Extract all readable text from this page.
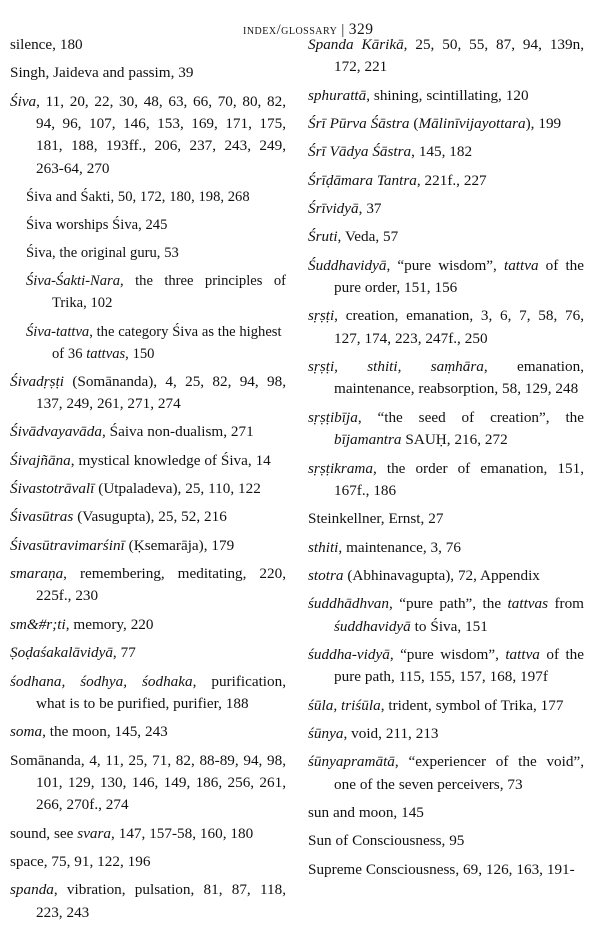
index/glossary | 329

silence, 180

Singh, Jaideva and passim, 39

Śiva, 11, 20, 22, 30, 48, 63, 66, 70, 80, 82, 94, 96, 107, 146, 153, 169, 171, 175, 181, 188, 193ff., 206, 237, 243, 249, 263-64, 270

Śiva and Śakti, 50, 172, 180, 198, 268

Śiva worships Śiva, 245

Śiva, the original guru, 53

Śiva-Śakti-Nara, the three principles of Trika, 102

Śiva-tattva, the category Śiva as the highest of 36 tattvas, 150

Śivadṛṣṭi (Somānanda), 4, 25, 82, 94, 98, 137, 249, 261, 271, 274

Śivādvayavāda, Śaiva non-dualism, 271

Śivajñāna, mystical knowledge of Śiva, 14

Śivastotrāvalī (Utpaladeva), 25, 110, 122

Śivasūtras (Vasugupta), 25, 52, 216

Śivasūtravimarśinī (Ḳsemarāja), 179

smaraṇa, remembering, meditating, 220, 225f., 230

sm&#r;ti, memory, 220

Ṣoḍaśakalāvidyā, 77

śodhana, śodhya, śodhaka, purification, what is to be purified, purifier, 188

soma, the moon, 145, 243

Somānanda, 4, 11, 25, 71, 82, 88-89, 94, 98, 101, 129, 130, 146, 149, 186, 256, 261, 266, 270f., 274

sound, see svara, 147, 157-58, 160, 180

space, 75, 91, 122, 196

spanda, vibration, pulsation, 81, 87, 118, 223, 243

Spanda Kārikā, 25, 50, 55, 87, 94, 139n, 172, 221

sphurattā, shining, scintillating, 120

Śrī Pūrva Śāstra (Mālinīvijayottara), 199

Śrī Vādya Śāstra, 145, 182

Śrīḍāmara Tantra, 221f., 227

Śrīvidyā, 37

Śruti, Veda, 57

Śuddhavidyā, “pure wisdom”, tattva of the pure order, 151, 156

sṛṣṭi, creation, emanation, 3, 6, 7, 58, 76, 127, 174, 223, 247f., 250

sṛṣṭi, sthiti, saṃhāra, emanation, maintenance, reabsorption, 58, 129, 248

sṛṣṭibīja, “the seed of creation”, the bījamantra SAUḤ, 216, 272

sṛṣṭikrama, the order of emanation, 151, 167f., 186

Steinkellner, Ernst, 27

sthiti, maintenance, 3, 76

stotra (Abhinavagupta), 72, Appendix

śuddhādhvan, “pure path”, the tattvas from śuddhavidyā to Śiva, 151

śuddha-vidyā, “pure wisdom”, tattva of the pure path, 115, 155, 157, 168, 197f

śūla, triśūla, trident, symbol of Trika, 177

śūnya, void, 211, 213

śūnyapramātā, “experiencer of the void”, one of the seven perceivers, 73

sun and moon, 145

Sun of Consciousness, 95

Supreme Consciousness, 69, 126, 163, 191-
